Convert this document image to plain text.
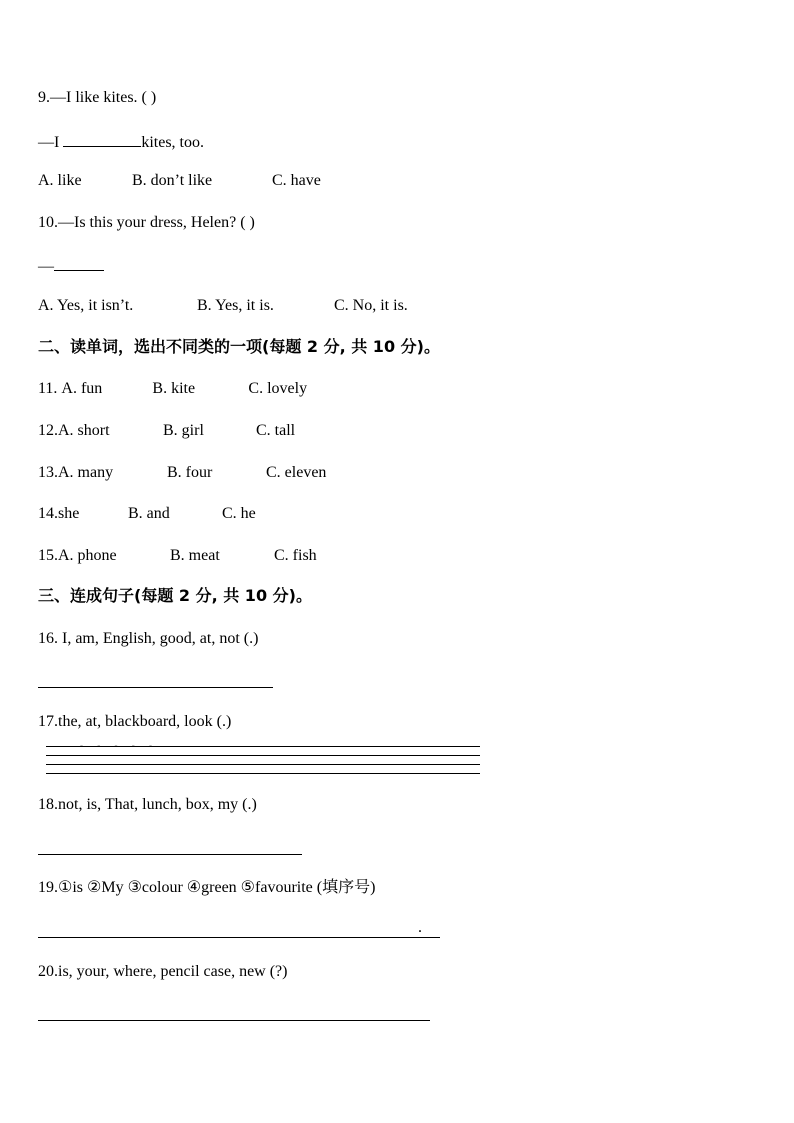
9.—I like kites. ( )
—I	kites, too.
A. like	B. don’t like	C. have
10.—Is this your dress, Helen? ( )
—
A. Yes, it isn’t.	B. Yes, it is.	C. No, it is.
二、读单词，选出不同类的一项(每题 2 分, 共 10 分)。
11. A. fun	B. kite	C. lovely
12.A. short	B. girl	C. tall
13.A. many	B. four	C. eleven
14.she	B. and	C. he
15.A. phone	B. meat	C. fish
三、连成句子(每题 2 分, 共 10 分)。
16. I, am, English, good, at, not (.)
17.the, at, blackboard, look (.)
- - - - -
18.not, is, That, lunch, box, my (.)
19.①is ②My ③colour ④green ⑤favourite (填序号)
.
20.is, your, where, pencil case, new (?)
